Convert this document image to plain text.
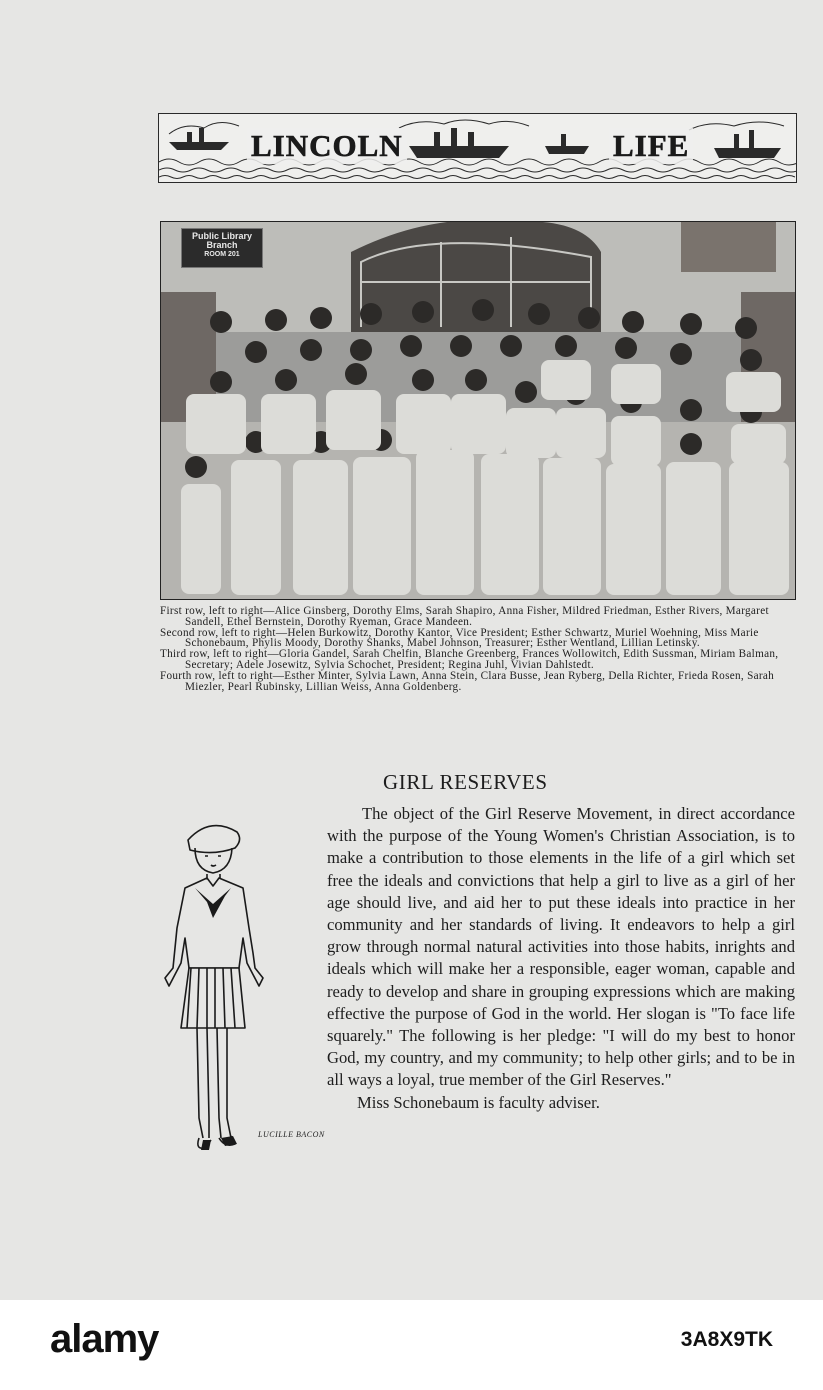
LINCOLN	LIFE
Public Library
Branch
ROOM 201

First row, left to right—Alice Ginsberg, Dorothy Elms, Sarah Shapiro, Anna Fisher, Mildred Friedman, Esther Rivers, Margaret Sandell, Ethel Bernstein, Dorothy Ryeman, Grace Mandeen.

Second row, left to right—Helen Burkowitz, Dorothy Kantor, Vice President; Esther Schwartz, Muriel Woehning, Miss Marie Schonebaum, Phylis Moody, Dorothy Shanks, Mabel Johnson, Treasurer; Esther Wentland, Lillian Letinsky.

Third row, left to right—Gloria Gandel, Sarah Chelfin, Blanche Greenberg, Frances Wollowitch, Edith Sussman, Miriam Balman, Secretary; Adele Josewitz, Sylvia Schochet, President; Regina Juhl, Vivian Dahlstedt.

Fourth row, left to right—Esther Minter, Sylvia Lawn, Anna Stein, Clara Busse, Jean Ryberg, Della Richter, Frieda Rosen, Sarah Miezler, Pearl Rubinsky, Lillian Weiss, Anna Goldenberg.

GIRL RESERVES

The object of the Girl Reserve Movement, in direct accordance with the purpose of the Young Women's Christian Association, is to make a contribution to those elements in the life of a girl which set free the ideals and convictions that help a girl to live as a girl of her age should live, and aid her to put these ideals into practice in her community and her standards of living. It endeavors to help a girl grow through normal natural activities into those habits, inrights and ideals which will make her a responsible, eager woman, capable and ready to develop and share in grouping expressions which are making effective the purpose of God in the world. Her slogan is "To face life squarely." The following is her pledge: "I will do my best to honor God, my country, and my community; to help other girls; and to be in all ways a loyal, true member of the Girl Reserves."

Miss Schonebaum is faculty adviser.

LUCILLE BACON
alamy	3A8X9TK
